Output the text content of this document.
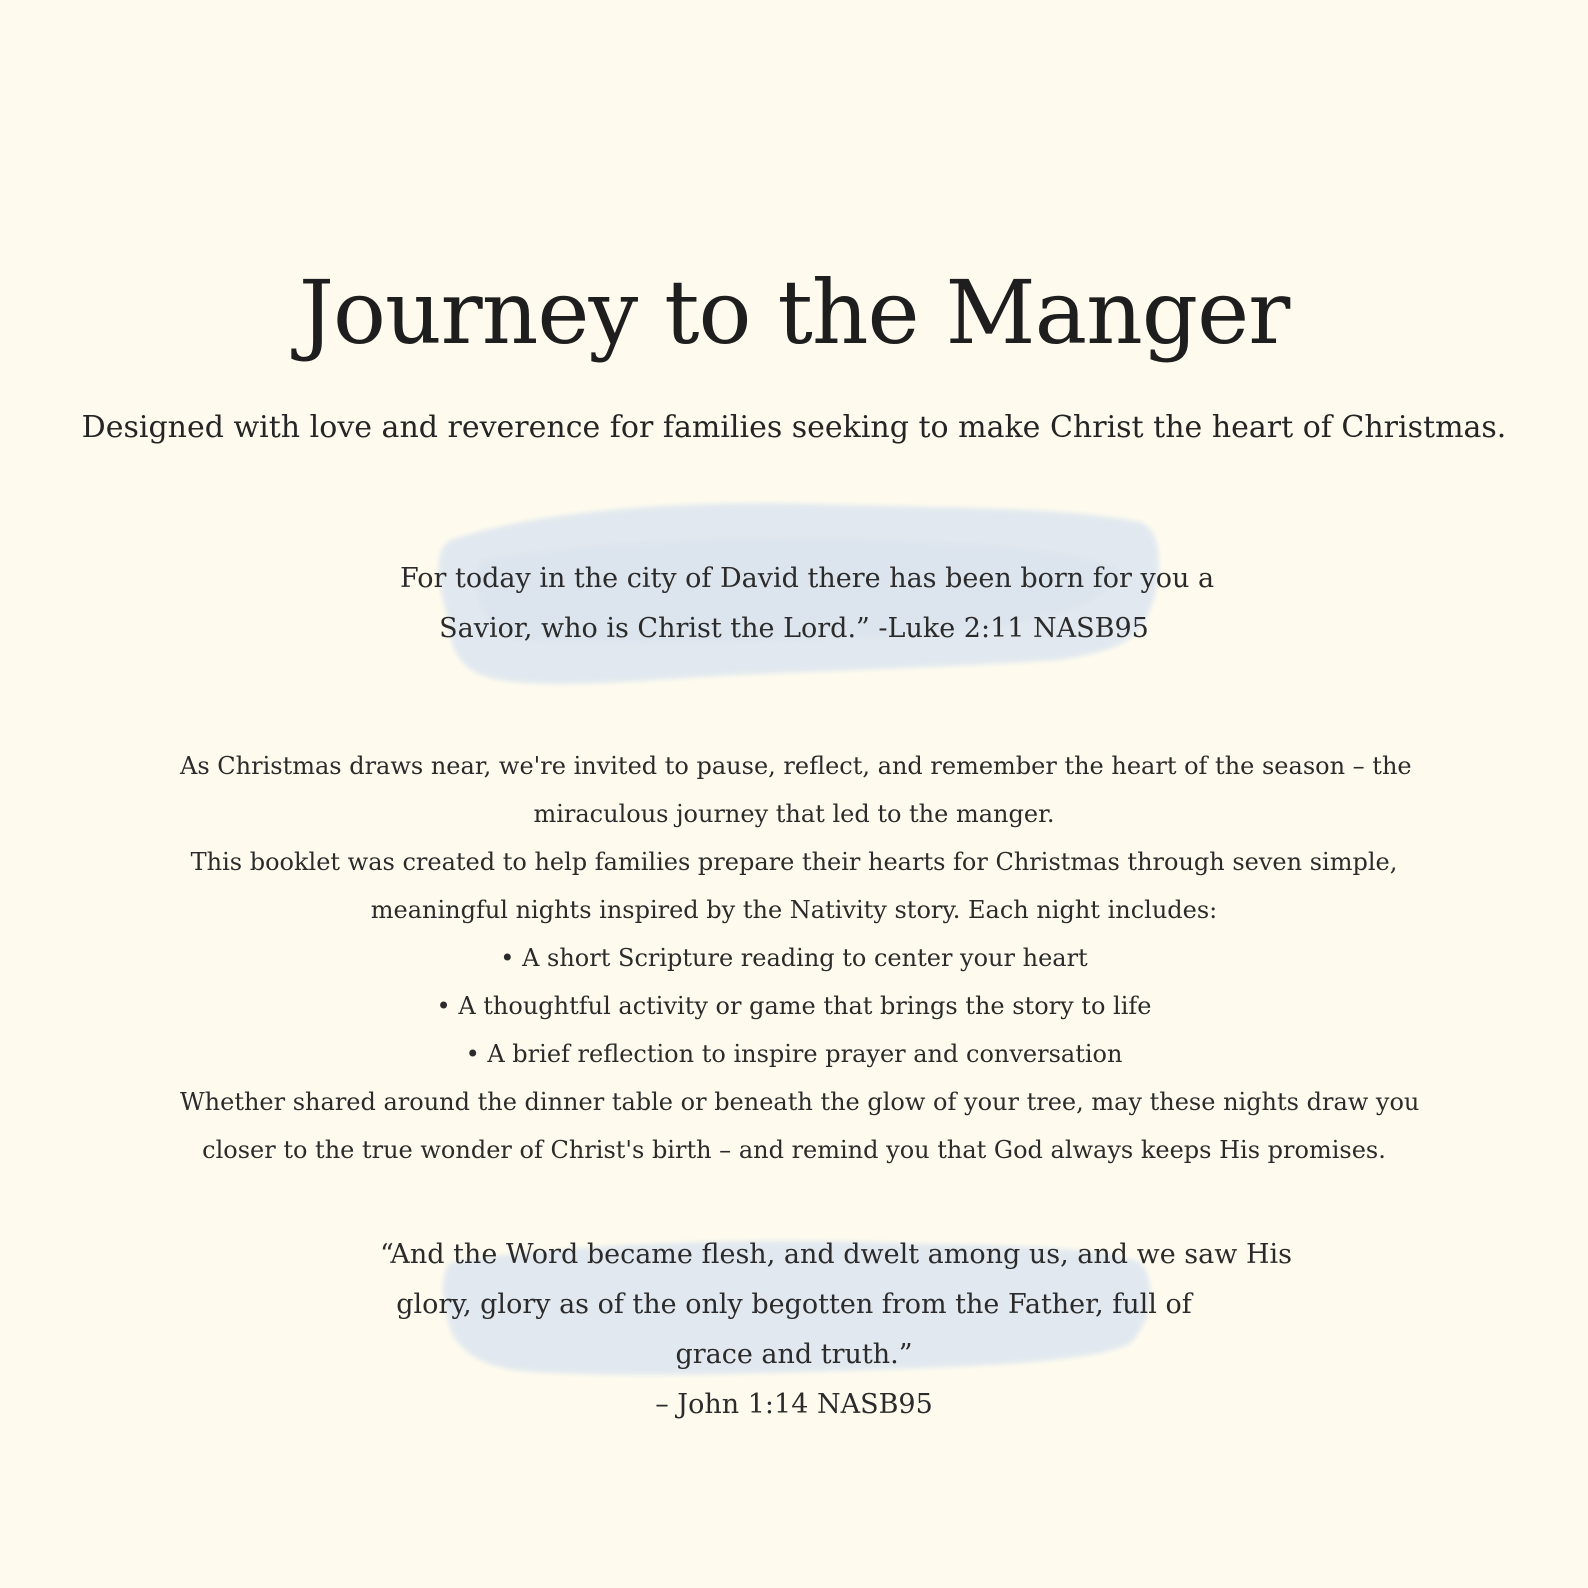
Journey to the Manger

Designed with love and reverence for families seeking to make Christ the heart of Christmas.

For today in the city of David there has been born for you a
Savior, who is Christ the Lord.” -Luke 2:11 NASB95
As Christmas draws near, we're invited to pause, reflect, and remember the heart of the season – the
miraculous journey that led to the manger.
This booklet was created to help families prepare their hearts for Christmas through seven simple,
meaningful nights inspired by the Nativity story. Each night includes:
• A short Scripture reading to center your heart
• A thoughtful activity or game that brings the story to life
• A brief reflection to inspire prayer and conversation
Whether shared around the dinner table or beneath the glow of your tree, may these nights draw you
closer to the true wonder of Christ's birth – and remind you that God always keeps His promises.
“And the Word became flesh, and dwelt among us, and we saw His
glory, glory as of the only begotten from the Father, full of
grace and truth.”
– John 1:14 NASB95
